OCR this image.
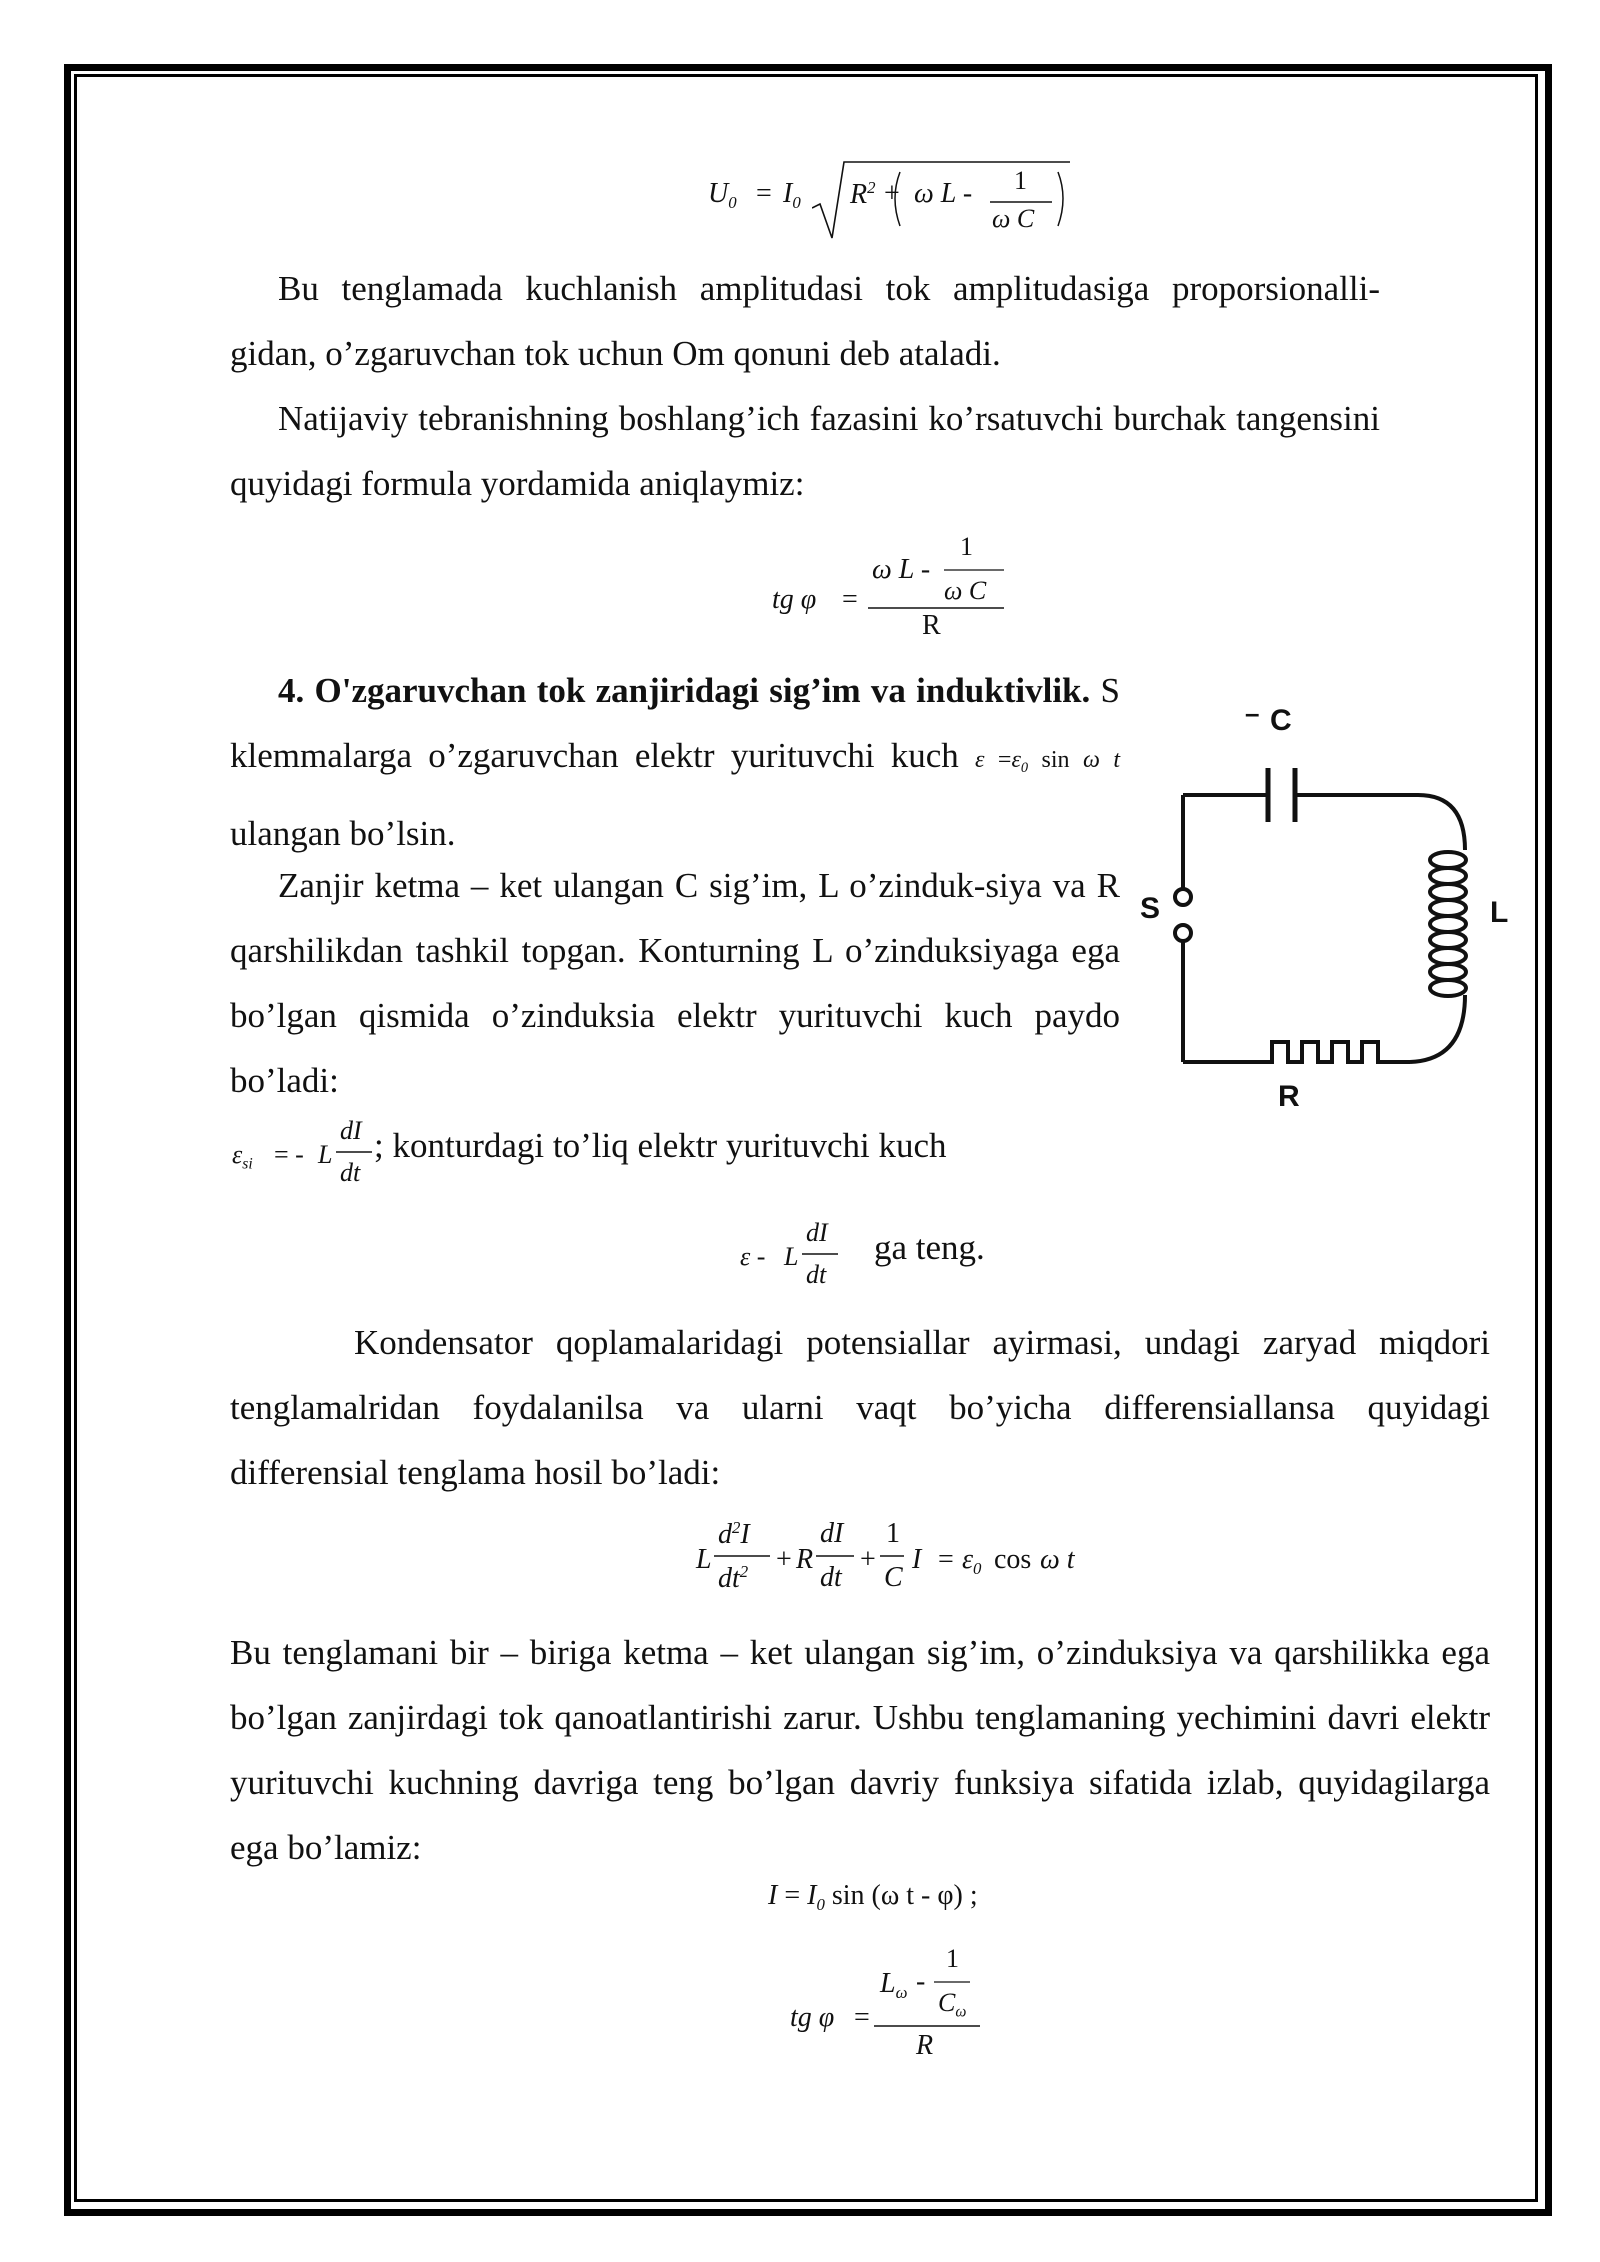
$U_0 = I_0$ $R^2 + \omega$ L - 1
ω C
Bu tenglamada kuchlanish amplitudasi tok amplitudasiga proporsionalli-gidan, o’zgaruvchan tok uchun Om qonuni deb ataladi.
Natijaviy tebranishning boshlang’ich fazasini ko’rsatuvchi burchak tangensini quyidagi formula yordamida aniqlaymiz:
tg φ =
ω L -
1
ω C
R
4. O'zgaruvchan tok zanjiridagi sig’im va induktivlik. S klemmalarga o’zgaruvchan elektr yurituvchi kuch $\varepsilon =\varepsilon_0$ sin ω t ulangan bo’lsin.
Zanjir ketma – ket ulangan C sig’im, L o’zinduk-siya va R qarshilikdan tashkil topgan. Konturning L o’zinduksiyaga ega bo’lgan qismida o’zinduksia elektr yurituvchi kuch paydo bo’ladi:
S
– C
L
R
$\varepsilon_{si}$ = - L
dI
dt
; konturdagi to’liq elektr yurituvchi kuch
ε - L
dI
dt
ga teng.
Kondensator qoplamalaridagi potensiallar ayirmasi, undagi zaryad miqdori tenglamalridan foydalanilsa va ularni vaqt bo’yicha differensiallansa quyidagi differensial tenglama hosil bo’ladi:
L
$d^2I$
$dt^2 + R$
dI
dt
+
1
C
$I = \varepsilon_0$ cos ω t
Bu tenglamani bir – biriga ketma – ket ulangan sig’im, o’zinduksiya va qarshilikka ega bo’lgan zanjirdagi tok qanoatlantirishi zarur. Ushbu tenglamaning yechimini davri elektr yurituvchi kuchning davriga teng bo’lgan davriy funksiya sifatida izlab, quyidagilarga ega bo’lamiz:
$I = I_0$ sin (ω t - φ) ;
tg φ =
$L_\omega$ -
1
$C_\omega$
R
